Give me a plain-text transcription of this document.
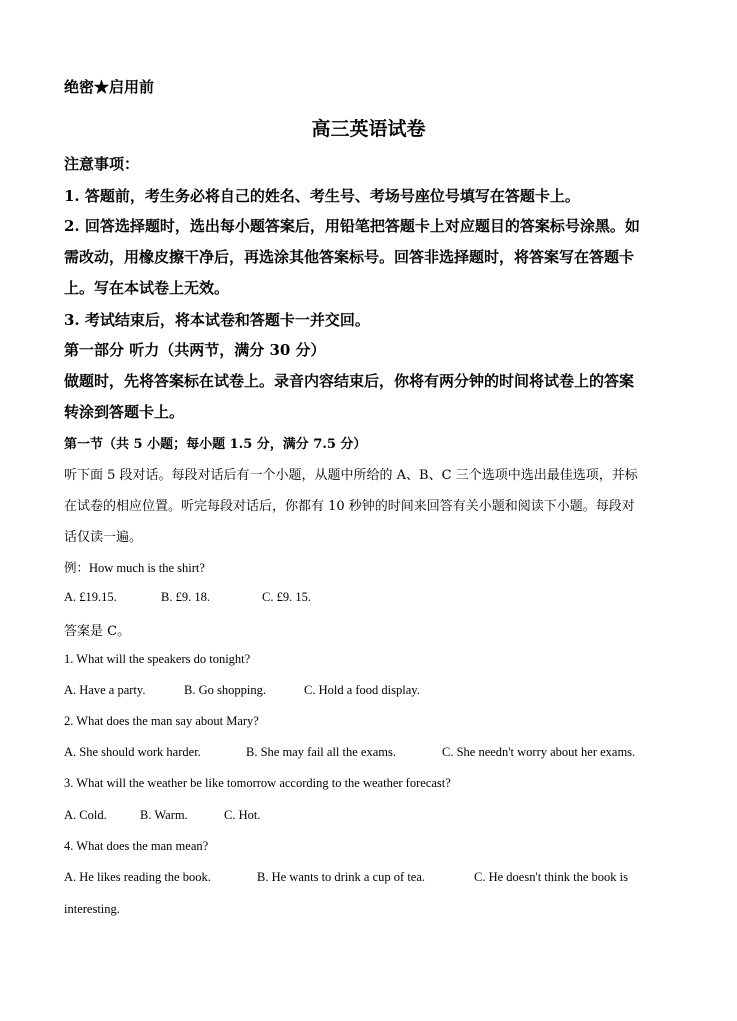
绝密★启用前
高三英语试卷
注意事项：
1. 答题前，考生务必将自己的姓名、考生号、考场号座位号填写在答题卡上。
2. 回答选择题时，选出每小题答案后，用铅笔把答题卡上对应题目的答案标号涂黑。如
需改动，用橡皮擦干净后，再选涂其他答案标号。回答非选择题时，将答案写在答题卡
上。写在本试卷上无效。
3. 考试结束后，将本试卷和答题卡一并交回。
第一部分 听力（共两节，满分 30 分）
做题时，先将答案标在试卷上。录音内容结束后，你将有两分钟的时间将试卷上的答案
转涂到答题卡上。
第一节（共 5 小题；每小题 1.5 分，满分 7.5 分）
听下面 5 段对话。每段对话后有一个小题，从题中所给的 A、B、C 三个选项中选出最佳选项，并标
在试卷的相应位置。听完每段对话后，你都有 10 秒钟的时间来回答有关小题和阅读下小题。每段对
话仅读一遍。
例：How much is the shirt?
A. £19.15.	B. £9. 18.	C. £9. 15.
答案是 C。
1. What will the speakers do tonight?
A. Have a party.	B. Go shopping.	C. Hold a food display.
2. What does the man say about Mary?
A. She should work harder.	B. She may fail all the exams.	C. She needn't worry about her exams.
3. What will the weather be like tomorrow according to the weather forecast?
A. Cold.	B. Warm.	C. Hot.
4. What does the man mean?
A. He likes reading the book.	B. He wants to drink a cup of tea.	C. He doesn't think the book is
interesting.
